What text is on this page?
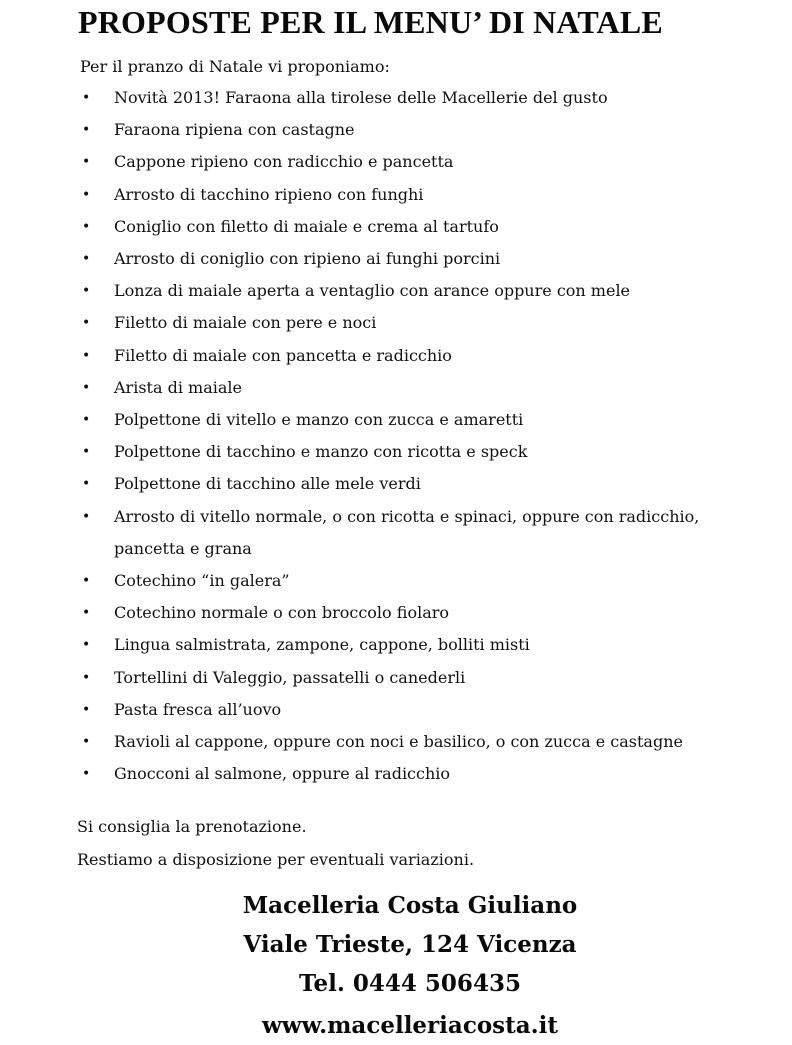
PROPOSTE PER IL MENU’ DI NATALE
Per il pranzo di Natale vi proponiamo:
• Novità 2013! Faraona alla tirolese delle Macellerie del gusto
• Faraona ripiena con castagne
• Cappone ripieno con radicchio e pancetta
• Arrosto di tacchino ripieno con funghi
• Coniglio con filetto di maiale e crema al tartufo
• Arrosto di coniglio con ripieno ai funghi porcini
• Lonza di maiale aperta a ventaglio con arance oppure con mele
• Filetto di maiale con pere e noci
• Filetto di maiale con pancetta e radicchio
• Arista di maiale
• Polpettone di vitello e manzo con zucca e amaretti
• Polpettone di tacchino e manzo con ricotta e speck
• Polpettone di tacchino alle mele verdi
• Arrosto di vitello normale, o con ricotta e spinaci, oppure con radicchio, pancetta e grana
• Cotechino “in galera”
• Cotechino normale o con broccolo fiolaro
• Lingua salmistrata, zampone, cappone, bolliti misti
• Tortellini di Valeggio, passatelli o canederli
• Pasta fresca all’uovo
• Ravioli al cappone, oppure con noci e basilico, o con zucca e castagne
• Gnocconi al salmone, oppure al radicchio
Si consiglia la prenotazione.
Restiamo a disposizione per eventuali variazioni.
Macelleria Costa Giuliano
Viale Trieste, 124 Vicenza
Tel. 0444 506435
www.macelleriacosta.it
